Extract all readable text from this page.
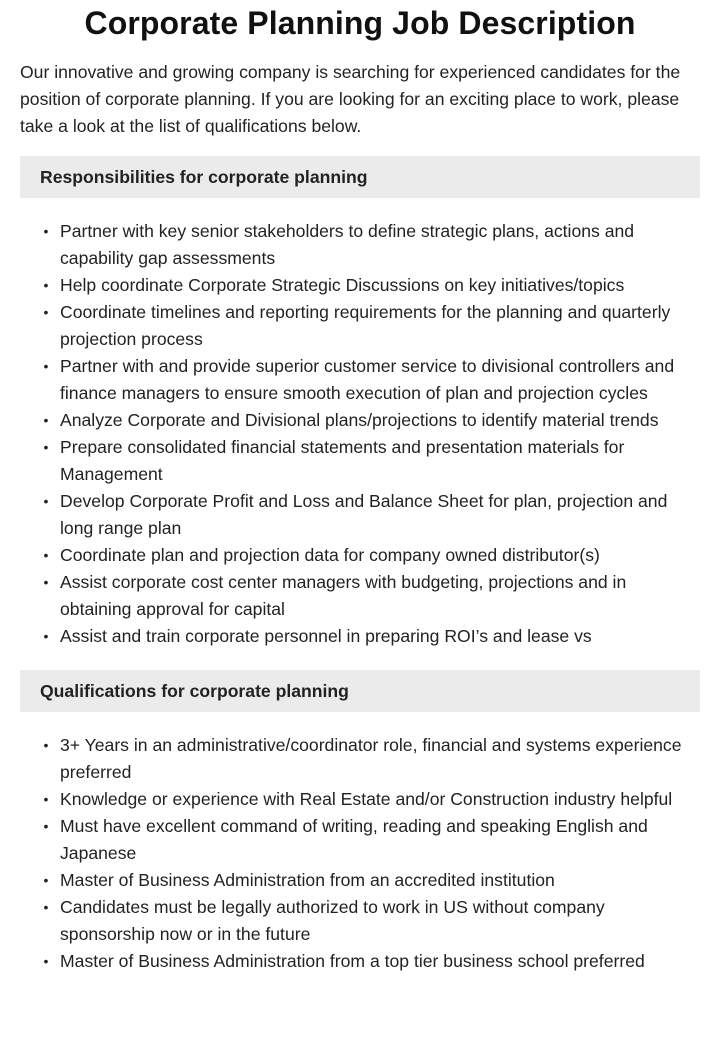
Corporate Planning Job Description

Our innovative and growing company is searching for experienced candidates for the position of corporate planning. If you are looking for an exciting place to work, please take a look at the list of qualifications below.

Responsibilities for corporate planning
• Partner with key senior stakeholders to define strategic plans, actions and capability gap assessments
• Help coordinate Corporate Strategic Discussions on key initiatives/topics
• Coordinate timelines and reporting requirements for the planning and quarterly projection process
• Partner with and provide superior customer service to divisional controllers and finance managers to ensure smooth execution of plan and projection cycles
• Analyze Corporate and Divisional plans/projections to identify material trends
• Prepare consolidated financial statements and presentation materials for Management
• Develop Corporate Profit and Loss and Balance Sheet for plan, projection and long range plan
• Coordinate plan and projection data for company owned distributor(s)
• Assist corporate cost center managers with budgeting, projections and in obtaining approval for capital
• Assist and train corporate personnel in preparing ROI’s and lease vs
Qualifications for corporate planning
• 3+ Years in an administrative/coordinator role, financial and systems experience preferred
• Knowledge or experience with Real Estate and/or Construction industry helpful
• Must have excellent command of writing, reading and speaking English and Japanese
• Master of Business Administration from an accredited institution
• Candidates must be legally authorized to work in US without company sponsorship now or in the future
• Master of Business Administration from a top tier business school preferred
